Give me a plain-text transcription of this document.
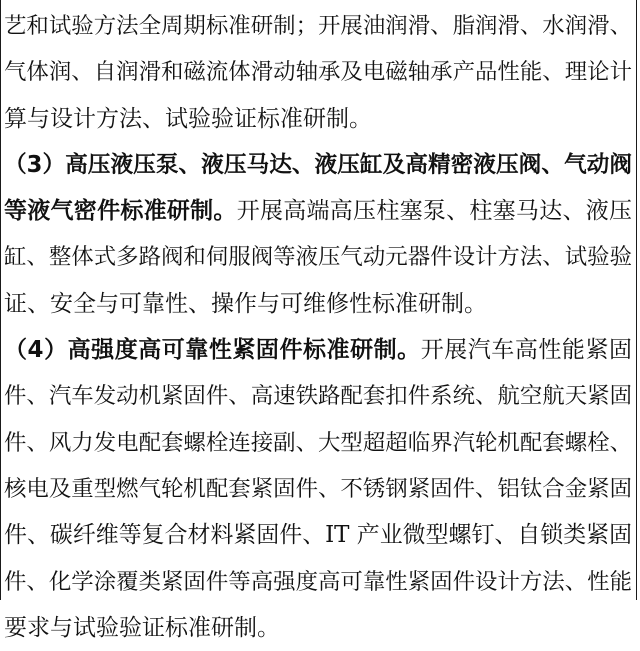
艺和试验方法全周期标准研制；开展油润滑、脂润滑、水润滑、
气体润、自润滑和磁流体滑动轴承及电磁轴承产品性能、理论计
算与设计方法、试验验证标准研制。
（3）高压液压泵、液压马达、液压缸及高精密液压阀、气动阀
等液气密件标准研制。开展高端高压柱塞泵、柱塞马达、液压
缸、整体式多路阀和伺服阀等液压气动元器件设计方法、试验验
证、安全与可靠性、操作与可维修性标准研制。
（4）高强度高可靠性紧固件标准研制。开展汽车高性能紧固
件、汽车发动机紧固件、高速铁路配套扣件系统、航空航天紧固
件、风力发电配套螺栓连接副、大型超超临界汽轮机配套螺栓、
核电及重型燃气轮机配套紧固件、不锈钢紧固件、铝钛合金紧固
件、碳纤维等复合材料紧固件、IT 产业微型螺钉、自锁类紧固
件、化学涂覆类紧固件等高强度高可靠性紧固件设计方法、性能
要求与试验验证标准研制。
